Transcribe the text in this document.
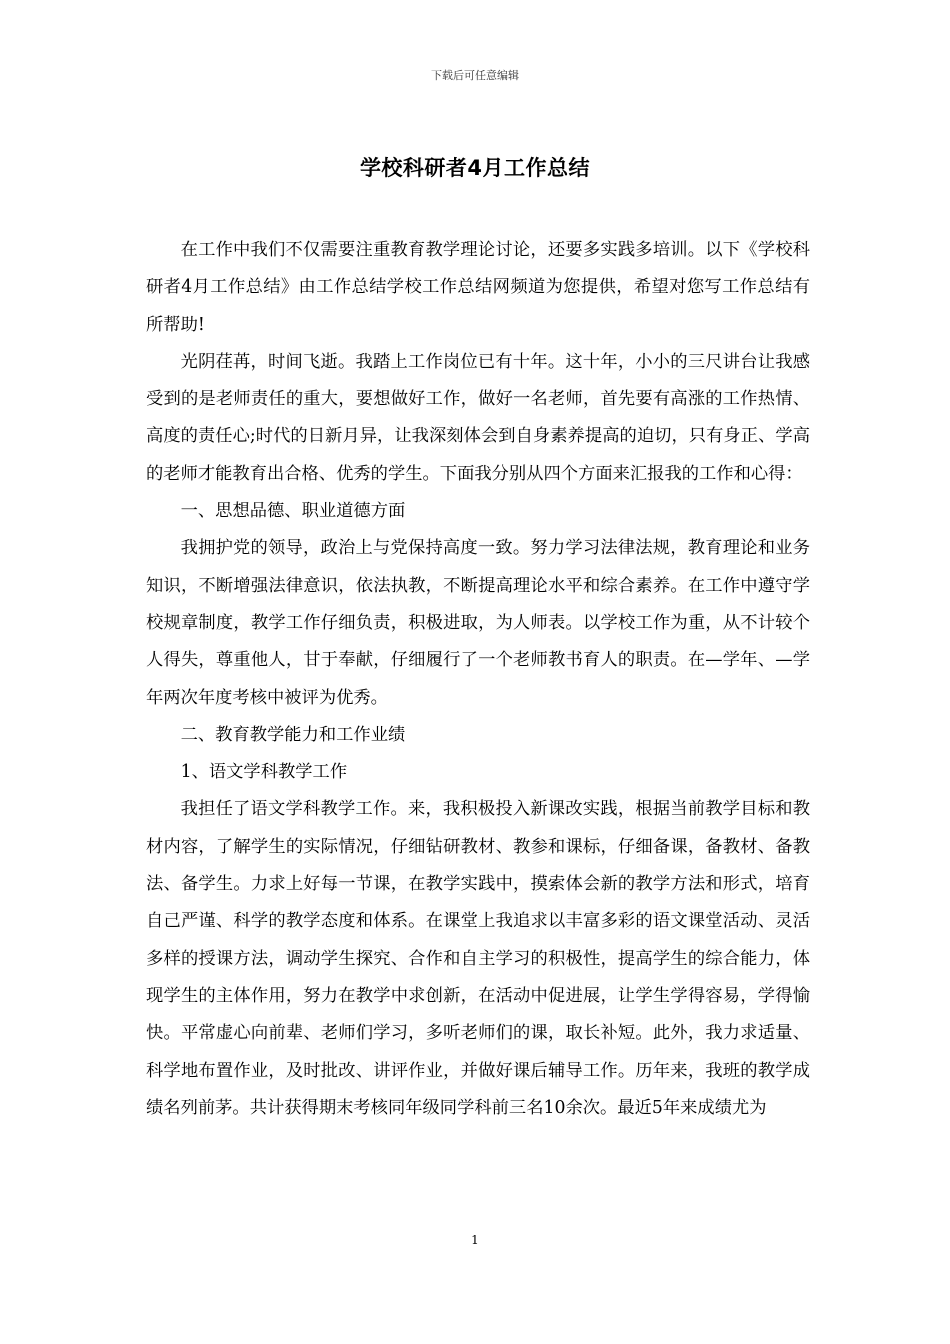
下载后可任意编辑
学校科研者4月工作总结

在工作中我们不仅需要注重教育教学理论讨论，还要多实践多培训。以下《学校科研者4月工作总结》由工作总结学校工作总结网频道为您提供，希望对您写工作总结有所帮助!

光阴荏苒，时间飞逝。我踏上工作岗位已有十年。这十年，小小的三尺讲台让我感受到的是老师责任的重大，要想做好工作，做好一名老师，首先要有高涨的工作热情、高度的责任心;时代的日新月异，让我深刻体会到自身素养提高的迫切，只有身正、学高的老师才能教育出合格、优秀的学生。下面我分别从四个方面来汇报我的工作和心得：

一、思想品德、职业道德方面

我拥护党的领导，政治上与党保持高度一致。努力学习法律法规，教育理论和业务知识，不断增强法律意识，依法执教，不断提高理论水平和综合素养。在工作中遵守学校规章制度，教学工作仔细负责，积极进取，为人师表。以学校工作为重，从不计较个人得失，尊重他人，甘于奉献，仔细履行了一个老师教书育人的职责。在—学年、—学年两次年度考核中被评为优秀。

二、教育教学能力和工作业绩

1、语文学科教学工作

我担任了语文学科教学工作。来，我积极投入新课改实践，根据当前教学目标和教材内容，了解学生的实际情况，仔细钻研教材、教参和课标，仔细备课，备教材、备教法、备学生。力求上好每一节课，在教学实践中，摸索体会新的教学方法和形式，培育自己严谨、科学的教学态度和体系。在课堂上我追求以丰富多彩的语文课堂活动、灵活多样的授课方法，调动学生探究、合作和自主学习的积极性，提高学生的综合能力，体现学生的主体作用，努力在教学中求创新，在活动中促进展，让学生学得容易，学得愉快。平常虚心向前辈、老师们学习，多听老师们的课，取长补短。此外，我力求适量、科学地布置作业，及时批改、讲评作业，并做好课后辅导工作。历年来，我班的教学成绩名列前茅。共计获得期末考核同年级同学科前三名10余次。最近5年来成绩尤为

1
